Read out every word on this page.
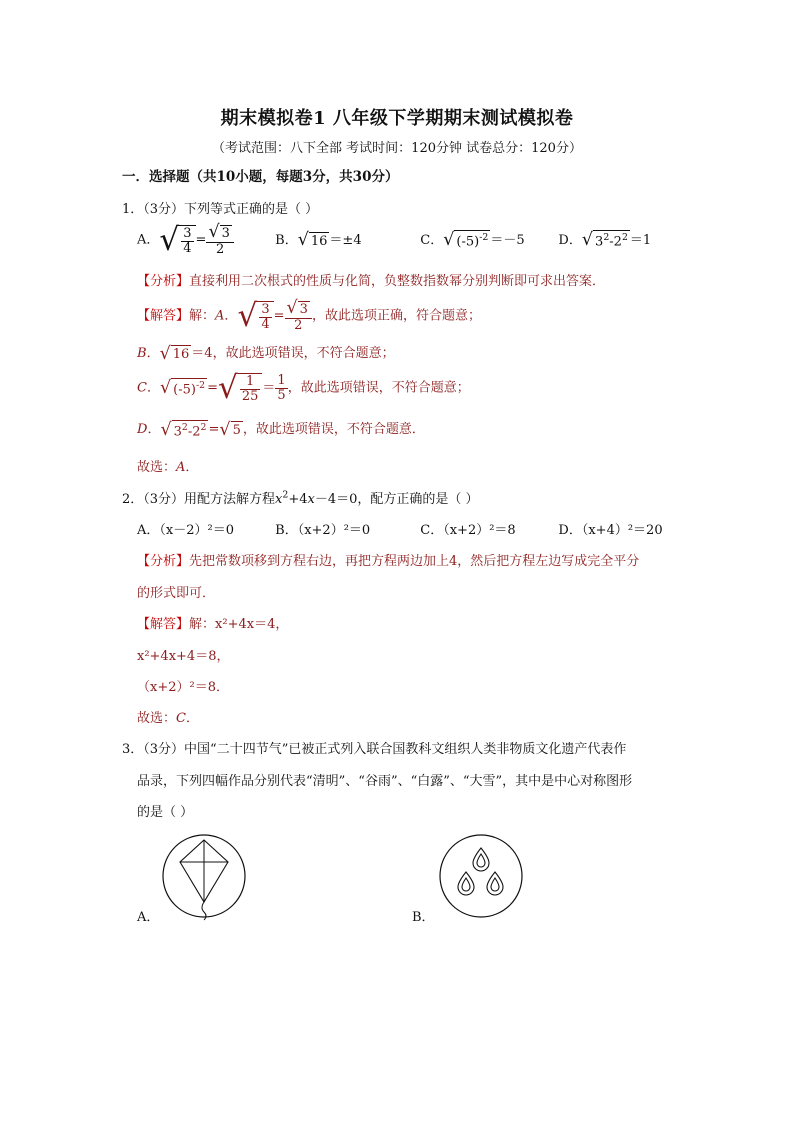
期末模拟卷1 八年级下学期期末测试模拟卷
（考试范围：八下全部 考试时间：120分钟 试卷总分：120分）
一．选择题（共10小题，每题3分，共30分）
1．（3分）下列等式正确的是（ ）
A．√ $\frac{3}{4} = \frac{√ 3}{2}$	B．√ 16 ＝±4	C．√ $(-5)^{-2} =-5$	D．√ $3^2-2^2 =1$
【分析】直接利用二次根式的性质与化简，负整数指数幂分别判断即可求出答案．
【解答】解：A．√ $\frac{3}{4} = \frac{√ 3}{2}$ ，故此选项正确，符合题意；
B．√ 16 ＝4，故此选项错误，不符合题意；
C．√ $(-5)^{-2}$ =√ $\frac{1}{25} = \frac{1}{5}$ ，故此选项错误，不符合题意；
D．√ $3^2-2^2$ =√ 5 ，故此选项错误，不符合题意．
故选：A．
2．（3分）用配方法解方程$x^2+4x-4=0$，配方正确的是（ ）
A．（x－2）²＝0	B．（x+2）²＝0	C．（x+2）²＝8	D．（x+4）²＝20
【分析】先把常数项移到方程右边，再把方程两边加上4，然后把方程左边写成完全平分
的形式即可．
【解答】解：x²+4x＝4，
x²+4x+4＝8，
（x+2）²＝8．
故选：C．
3．（3分）中国“二十四节气”已被正式列入联合国教科文组织人类非物质文化遗产代表作
品录，下列四幅作品分别代表“清明”、“谷雨”、“白露”、“大雪”，其中是中心对称图形
的是（ ）
A．	B．
